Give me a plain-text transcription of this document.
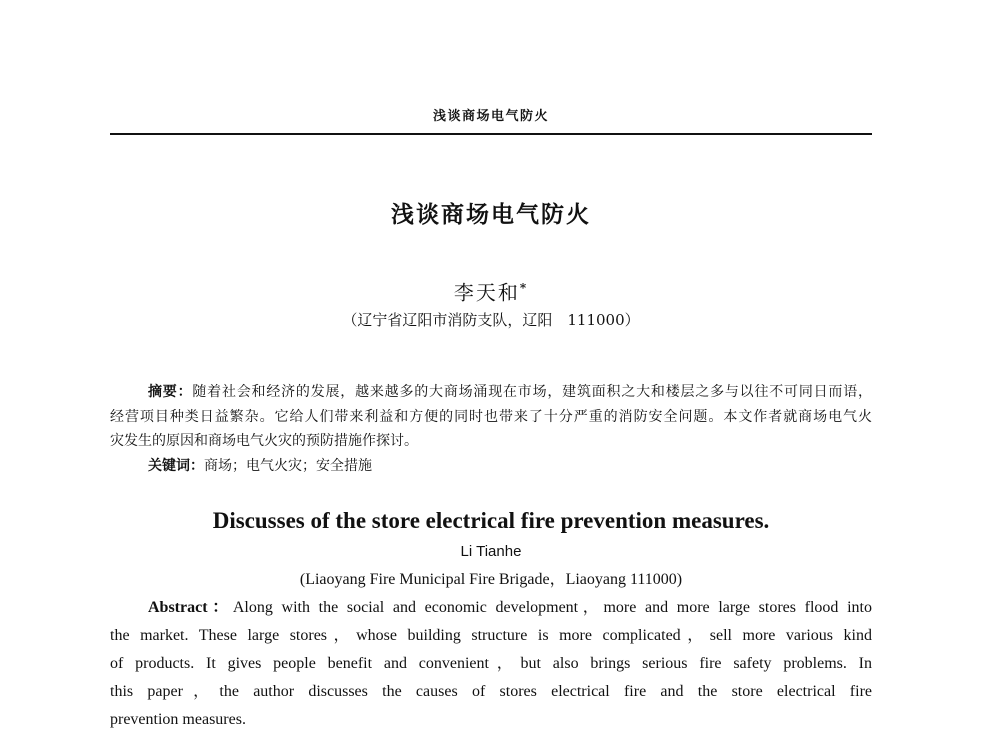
浅谈商场电气防火
浅谈商场电气防火
李天和*
（辽宁省辽阳市消防支队，辽阳　111000）
摘要：随着社会和经济的发展，越来越多的大商场涌现在市场，建筑面积之大和楼层之多与以往不可同日而语，
经营项目种类日益繁杂。它给人们带来利益和方便的同时也带来了十分严重的消防安全问题。本文作者就商场电气火
灾发生的原因和商场电气火灾的预防措施作探讨。
关键词：商场；电气火灾；安全措施
Discusses of the store electrical fire prevention measures.
Li Tianhe
(Liaoyang Fire Municipal Fire Brigade，Liaoyang 111000)
Abstract：Along with the social and economic development，more and more large stores flood into
the market. These large stores，whose building structure is more complicated，sell more various kind
of products. It gives people benefit and convenient，but also brings serious fire safety problems. In
this paper，the author discusses the causes of stores electrical fire and the store electrical fire
prevention measures.
